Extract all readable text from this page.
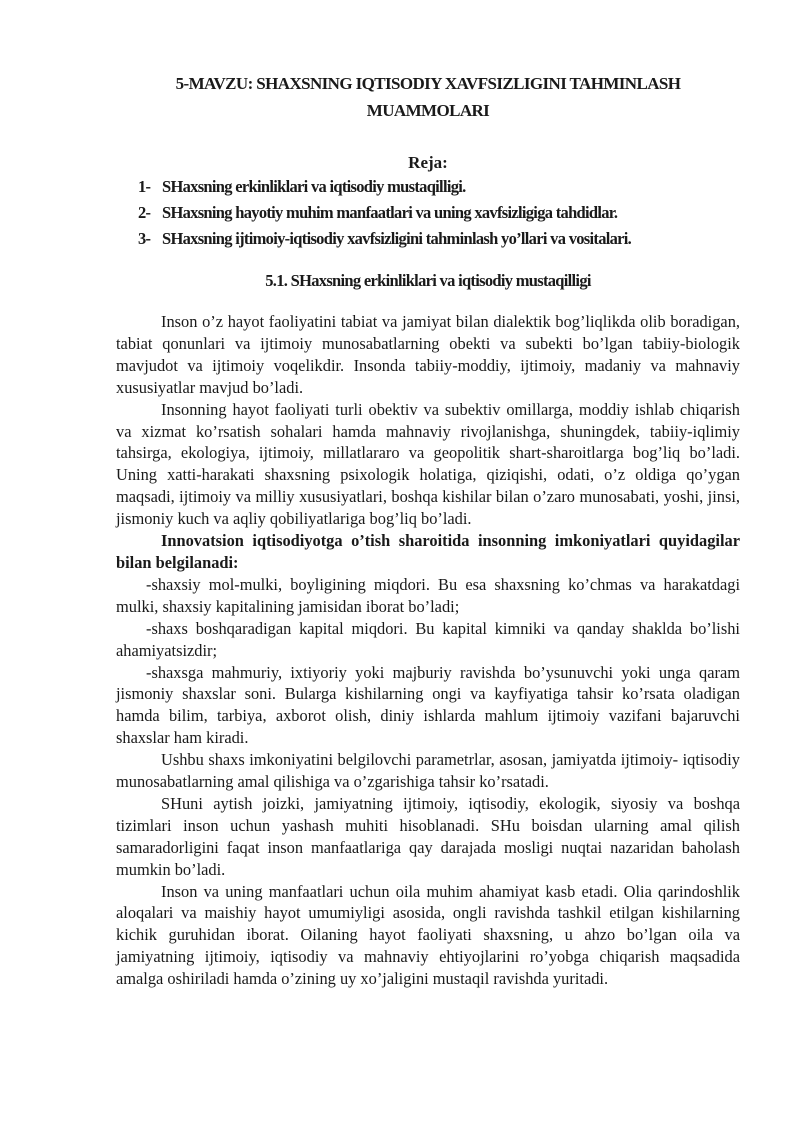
5-MAVZU: SHAXSNING IQTISODIY XAVFSIZLIGINI TAHMINLASH
MUAMMOLARI
Reja:
1- SHaxsning erkinliklari va iqtisodiy mustaqilligi.
2- SHaxsning hayotiy muhim manfaatlari va uning xavfsizligiga tahdidlar.
3- SHaxsning ijtimoiy-iqtisodiy xavfsizligini tahminlash yo’llari va vositalari.
5.1. SHaxsning erkinliklari va iqtisodiy mustaqilligi

Inson o’z hayot faoliyatini tabiat va jamiyat bilan dialektik bog’liqlikda olib boradigan, tabiat qonunlari va ijtimoiy munosabatlarning obekti va subekti bo’lgan tabiiy-biologik mavjudot va ijtimoiy voqelikdir. Insonda tabiiy-moddiy, ijtimoiy, madaniy va mahnaviy xususiyatlar mavjud bo’ladi.

Insonning hayot faoliyati turli obektiv va subektiv omillarga, moddiy ishlab chiqarish va xizmat ko’rsatish sohalari hamda mahnaviy rivojlanishga, shuningdek, tabiiy-iqlimiy tahsirga, ekologiya, ijtimoiy, millatlararo va geopolitik shart-sharoitlarga bog’liq bo’ladi. Uning xatti-harakati shaxsning psixologik holatiga, qiziqishi, odati, o’z oldiga qo’ygan maqsadi, ijtimoiy va milliy xususiyatlari, boshqa kishilar bilan o’zaro munosabati, yoshi, jinsi, jismoniy kuch va aqliy qobiliyatlariga bog’liq bo’ladi.

Innovatsion iqtisodiyotga o’tish sharoitida insonning imkoniyatlari quyidagilar bilan belgilanadi:

-shaxsiy mol-mulki, boyligining miqdori. Bu esa shaxsning ko’chmas va harakatdagi mulki, shaxsiy kapitalining jamisidan iborat bo’ladi;

-shaxs boshqaradigan kapital miqdori. Bu kapital kimniki va qanday shaklda bo’lishi ahamiyatsizdir;

-shaxsga mahmuriy, ixtiyoriy yoki majburiy ravishda bo’ysunuvchi yoki unga qaram jismoniy shaxslar soni. Bularga kishilarning ongi va kayfiyatiga tahsir ko’rsata oladigan hamda bilim, tarbiya, axborot olish, diniy ishlarda mahlum ijtimoiy vazifani bajaruvchi shaxslar ham kiradi.

Ushbu shaxs imkoniyatini belgilovchi parametrlar, asosan, jamiyatda ijtimoiy- iqtisodiy munosabatlarning amal qilishiga va o’zgarishiga tahsir ko’rsatadi.

SHuni aytish joizki, jamiyatning ijtimoiy, iqtisodiy, ekologik, siyosiy va boshqa tizimlari inson uchun yashash muhiti hisoblanadi. SHu boisdan ularning amal qilish samaradorligini faqat inson manfaatlariga qay darajada mosligi nuqtai nazaridan baholash mumkin bo’ladi.

Inson va uning manfaatlari uchun oila muhim ahamiyat kasb etadi. Olia qarindoshlik aloqalari va maishiy hayot umumiyligi asosida, ongli ravishda tashkil etilgan kishilarning kichik guruhidan iborat. Oilaning hayot faoliyati shaxsning, u ahzo bo’lgan oila va jamiyatning ijtimoiy, iqtisodiy va mahnaviy ehtiyojlarini ro’yobga chiqarish maqsadida amalga oshiriladi hamda o’zining uy xo’jaligini mustaqil ravishda yuritadi.
